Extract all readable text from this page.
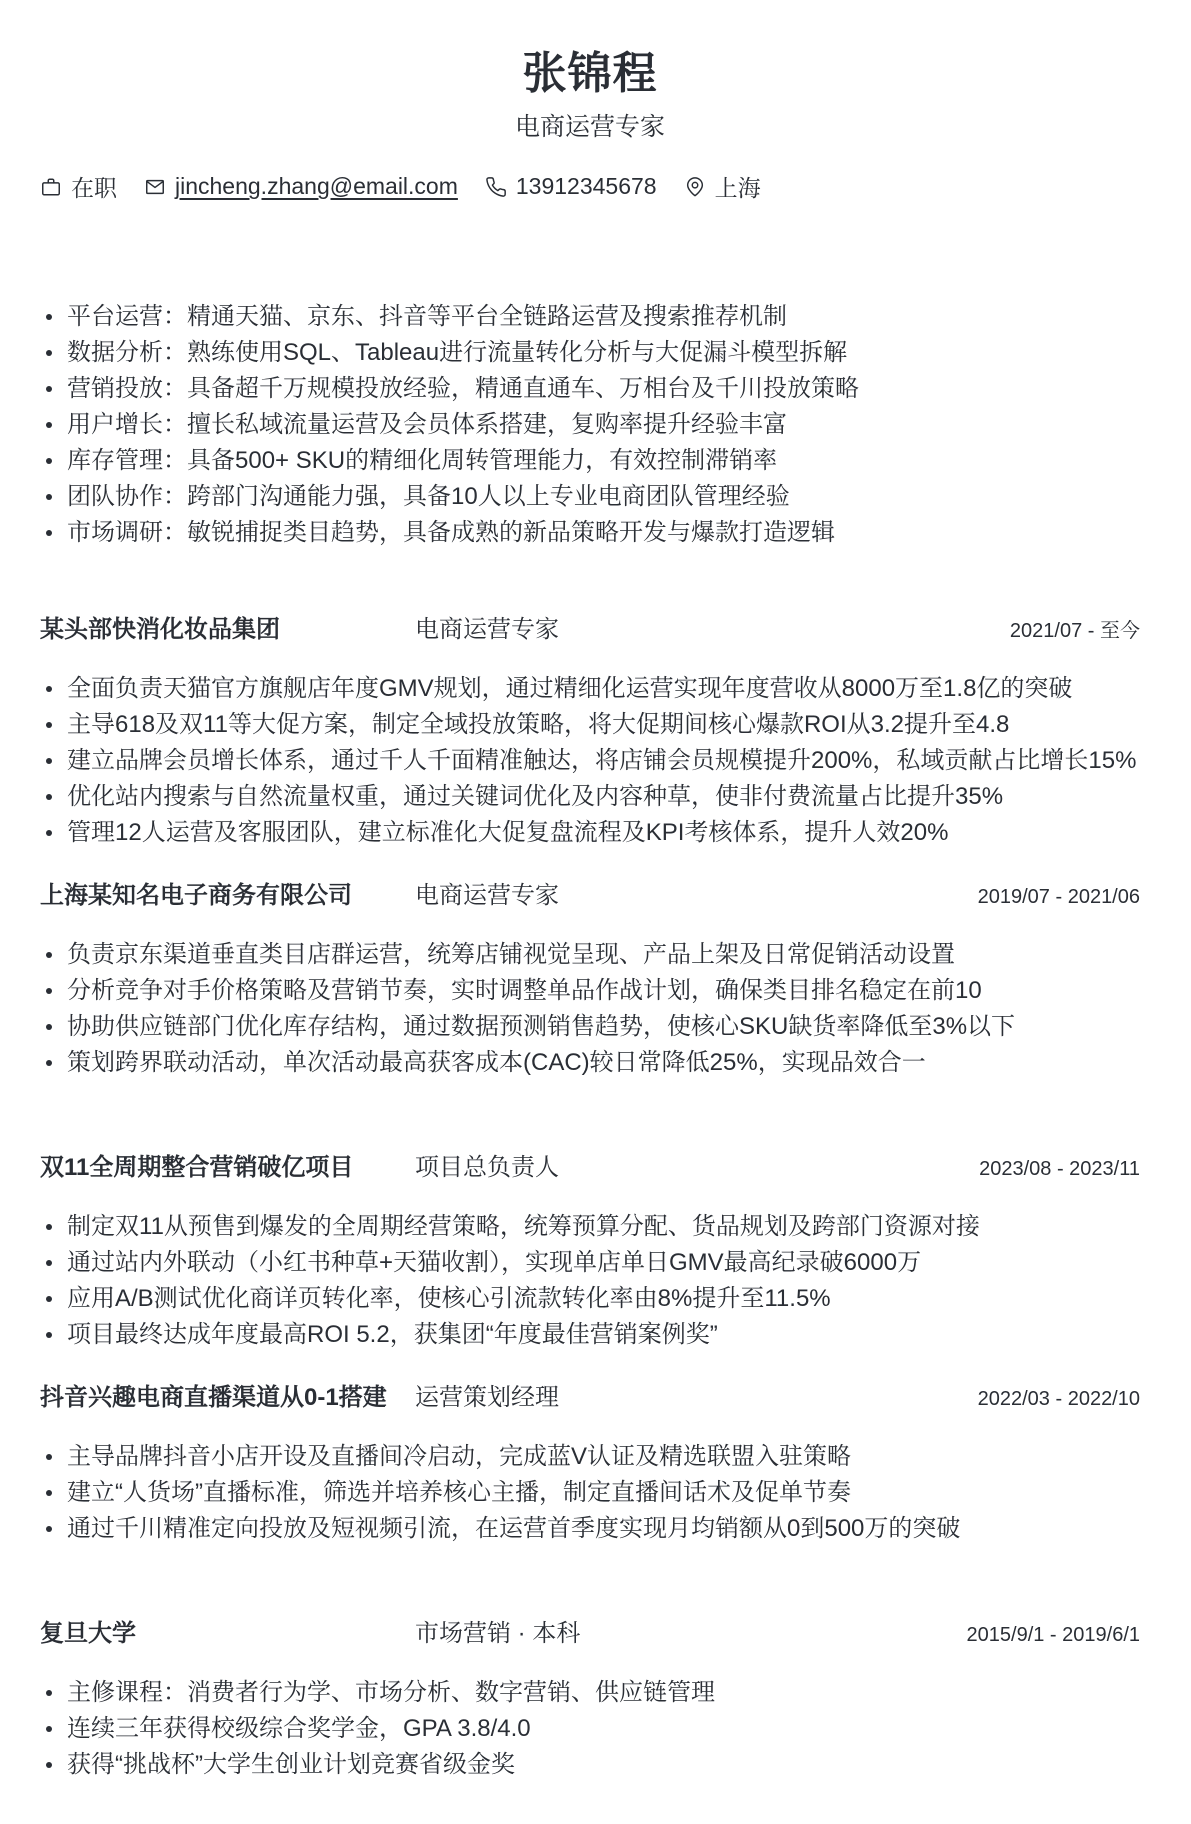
张锦程
电商运营专家
在职	jincheng.zhang@email.com	13912345678	上海
平台运营：精通天猫、京东、抖音等平台全链路运营及搜索推荐机制
数据分析：熟练使用SQL、Tableau进行流量转化分析与大促漏斗模型拆解
营销投放：具备超千万规模投放经验，精通直通车、万相台及千川投放策略
用户增长：擅长私域流量运营及会员体系搭建，复购率提升经验丰富
库存管理：具备500+ SKU的精细化周转管理能力，有效控制滞销率
团队协作：跨部门沟通能力强，具备10人以上专业电商团队管理经验
市场调研：敏锐捕捉类目趋势，具备成熟的新品策略开发与爆款打造逻辑
某头部快消化妆品集团	电商运营专家	2021/07 - 至今
全面负责天猫官方旗舰店年度GMV规划，通过精细化运营实现年度营收从8000万至1.8亿的突破
主导618及双11等大促方案，制定全域投放策略，将大促期间核心爆款ROI从3.2提升至4.8
建立品牌会员增长体系，通过千人千面精准触达，将店铺会员规模提升200%，私域贡献占比增长15%
优化站内搜索与自然流量权重，通过关键词优化及内容种草，使非付费流量占比提升35%
管理12人运营及客服团队，建立标准化大促复盘流程及KPI考核体系，提升人效20%
上海某知名电子商务有限公司	电商运营专家	2019/07 - 2021/06
负责京东渠道垂直类目店群运营，统筹店铺视觉呈现、产品上架及日常促销活动设置
分析竞争对手价格策略及营销节奏，实时调整单品作战计划，确保类目排名稳定在前10
协助供应链部门优化库存结构，通过数据预测销售趋势，使核心SKU缺货率降低至3%以下
策划跨界联动活动，单次活动最高获客成本(CAC)较日常降低25%，实现品效合一
双11全周期整合营销破亿项目	项目总负责人	2023/08 - 2023/11
制定双11从预售到爆发的全周期经营策略，统筹预算分配、货品规划及跨部门资源对接
通过站内外联动（小红书种草+天猫收割），实现单店单日GMV最高纪录破6000万
应用A/B测试优化商详页转化率，使核心引流款转化率由8%提升至11.5%
项目最终达成年度最高ROI 5.2，获集团“年度最佳营销案例奖”
抖音兴趣电商直播渠道从0-1搭建	运营策划经理	2022/03 - 2022/10
主导品牌抖音小店开设及直播间冷启动，完成蓝V认证及精选联盟入驻策略
建立“人货场”直播标准，筛选并培养核心主播，制定直播间话术及促单节奏
通过千川精准定向投放及短视频引流，在运营首季度实现月均销额从0到500万的突破
复旦大学	市场营销 · 本科	2015/9/1 - 2019/6/1
主修课程：消费者行为学、市场分析、数字营销、供应链管理
连续三年获得校级综合奖学金，GPA 3.8/4.0
获得“挑战杯”大学生创业计划竞赛省级金奖
